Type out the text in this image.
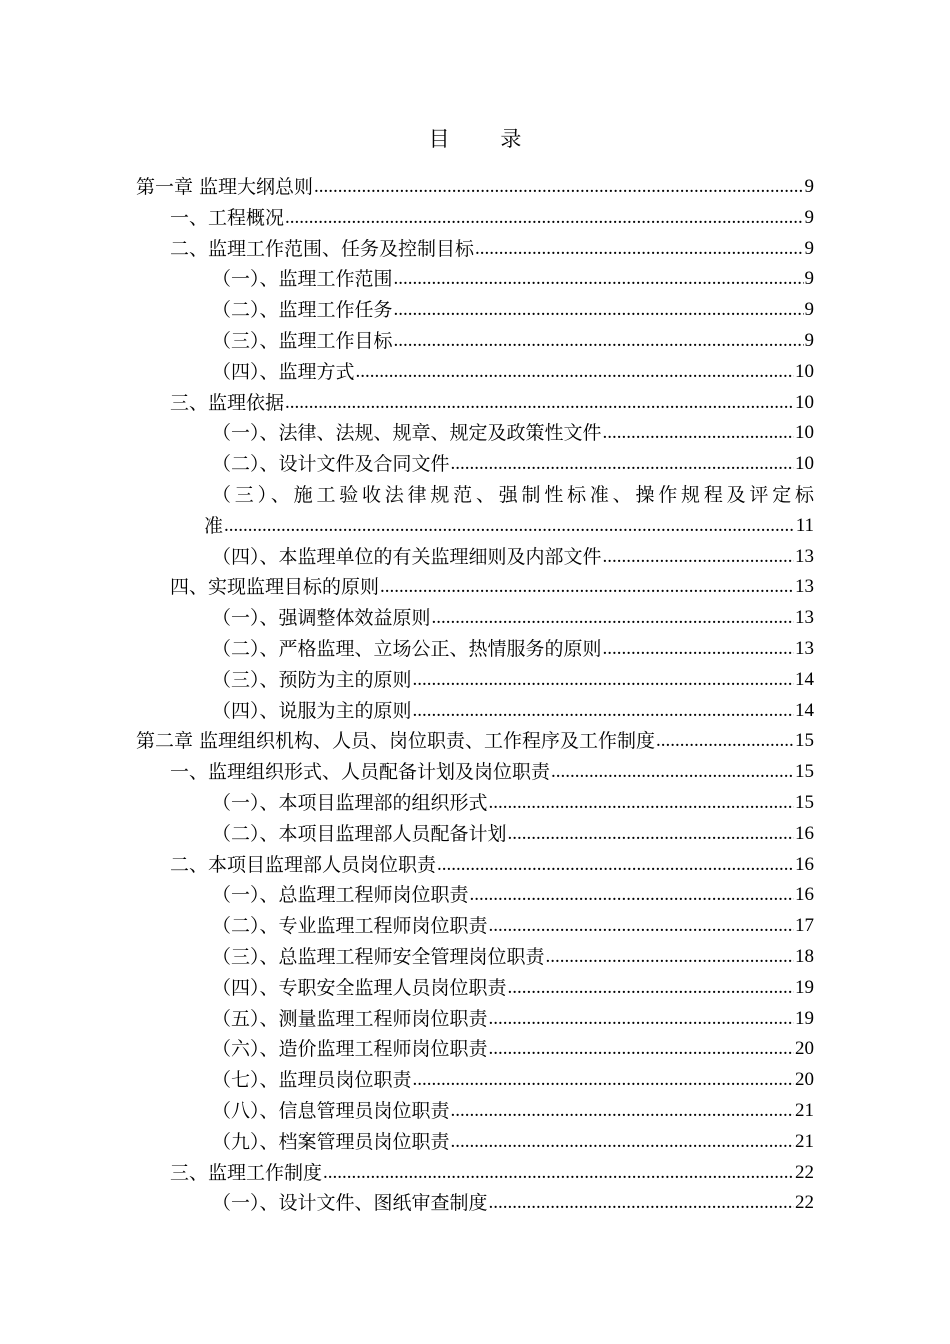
目 录
第一章 监理大纲总则 .....	9
一、工程概况 .....	9
二、监理工作范围、任务及控制目标 .....	9
（一）、监理工作范围 .....	9
（二）、监理工作任务 .....	9
（三）、监理工作目标 .....	9
（四）、监理方式 .....	10
三、监理依据 .....	10
（一）、法律、法规、规章、规定及政策性文件 .....	10
（二）、设计文件及合同文件 .....	10
（三）、施工验收法律规范、强制性标准、操作规程及评定标
准 .....	11
（四）、本监理单位的有关监理细则及内部文件 .....	13
四、实现监理目标的原则 .....	13
（一）、强调整体效益原则 .....	13
（二）、严格监理、立场公正、热情服务的原则 .....	13
（三）、预防为主的原则 .....	14
（四）、说服为主的原则 .....	14
第二章 监理组织机构、人员、岗位职责、工作程序及工作制度 .....	15
一、监理组织形式、人员配备计划及岗位职责 .....	15
（一）、本项目监理部的组织形式 .....	15
（二）、本项目监理部人员配备计划 .....	16
二、本项目监理部人员岗位职责 .....	16
（一）、总监理工程师岗位职责 .....	16
（二）、专业监理工程师岗位职责 .....	17
（三）、总监理工程师安全管理岗位职责 .....	18
（四）、专职安全监理人员岗位职责 .....	19
（五）、测量监理工程师岗位职责 .....	19
（六）、造价监理工程师岗位职责 .....	20
（七）、监理员岗位职责 .....	20
（八）、信息管理员岗位职责 .....	21
（九）、档案管理员岗位职责 .....	21
三、监理工作制度 .....	22
（一）、设计文件、图纸审查制度 .....	22
